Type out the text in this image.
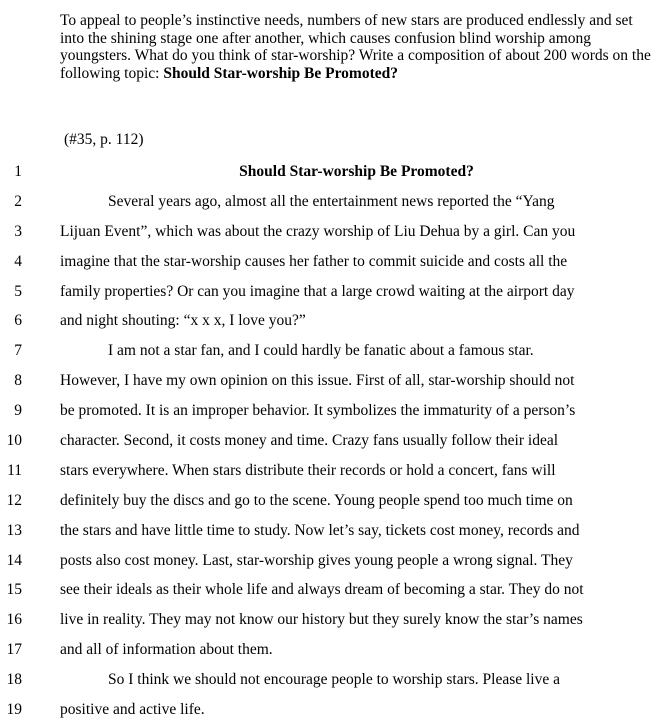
To appeal to people’s instinctive needs, numbers of new stars are produced endlessly and set into the shining stage one after another, which causes confusion blind worship among youngsters. What do you think of star-worship? Write a composition of about 200 words on the following topic: Should Star-worship Be Promoted?
(#35, p. 112)
1	Should Star-worship Be Promoted?
2	Several years ago, almost all the entertainment news reported the “Yang
3 Lijuan Event”, which was about the crazy worship of Liu Dehua by a girl. Can you
4 imagine that the star-worship causes her father to commit suicide and costs all the
5 family properties? Or can you imagine that a large crowd waiting at the airport day
6 and night shouting: “x x x, I love you?”
7	I am not a star fan, and I could hardly be fanatic about a famous star.
8 However, I have my own opinion on this issue. First of all, star-worship should not
9 be promoted. It is an improper behavior. It symbolizes the immaturity of a person’s
10 character. Second, it costs money and time. Crazy fans usually follow their ideal
11 stars everywhere. When stars distribute their records or hold a concert, fans will
12 definitely buy the discs and go to the scene. Young people spend too much time on
13 the stars and have little time to study. Now let’s say, tickets cost money, records and
14 posts also cost money. Last, star-worship gives young people a wrong signal. They
15 see their ideals as their whole life and always dream of becoming a star. They do not
16 live in reality. They may not know our history but they surely know the star’s names
17 and all of information about them.
18	So I think we should not encourage people to worship stars. Please live a
19 positive and active life.
